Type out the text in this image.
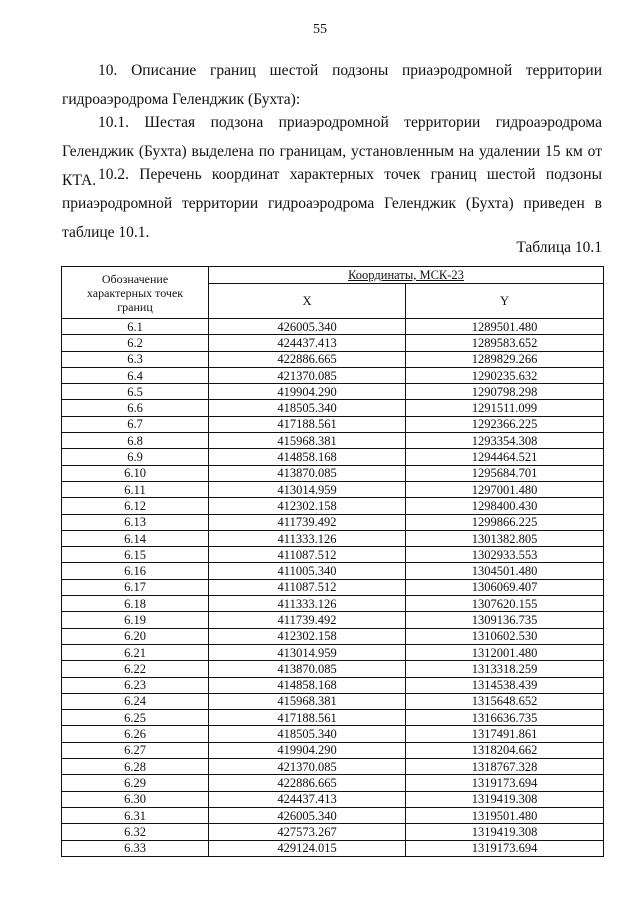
55

10. Описание границ шестой подзоны приаэродромной территории гидроаэродрома Геленджик (Бухта):

10.1. Шестая подзона приаэродромной территории гидроаэродрома Геленджик (Бухта) выделена по границам, установленным на удалении 15 км от КТА. 10.2. Перечень координат характерных точек границ шестой подзоны приаэродромной территории гидроаэродрома Геленджик (Бухта) приведен в таблице 10.1.

Таблица 10.1
Обозначение характерных точек границ	Координаты, МСК-23	
	X	Y
6.1	426005.340	1289501.480
6.2	424437.413	1289583.652
6.3	422886.665	1289829.266
6.4	421370.085	1290235.632
6.5	419904.290	1290798.298
6.6	418505.340	1291511.099
6.7	417188.561	1292366.225
6.8	415968.381	1293354.308
6.9	414858.168	1294464.521
6.10	413870.085	1295684.701
6.11	413014.959	1297001.480
6.12	412302.158	1298400.430
6.13	411739.492	1299866.225
6.14	411333.126	1301382.805
6.15	411087.512	1302933.553
6.16	411005.340	1304501.480
6.17	411087.512	1306069.407
6.18	411333.126	1307620.155
6.19	411739.492	1309136.735
6.20	412302.158	1310602.530
6.21	413014.959	1312001.480
6.22	413870.085	1313318.259
6.23	414858.168	1314538.439
6.24	415968.381	1315648.652
6.25	417188.561	1316636.735
6.26	418505.340	1317491.861
6.27	419904.290	1318204.662
6.28	421370.085	1318767.328
6.29	422886.665	1319173.694
6.30	424437.413	1319419.308
6.31	426005.340	1319501.480
6.32	427573.267	1319419.308
6.33	429124.015	1319173.694
